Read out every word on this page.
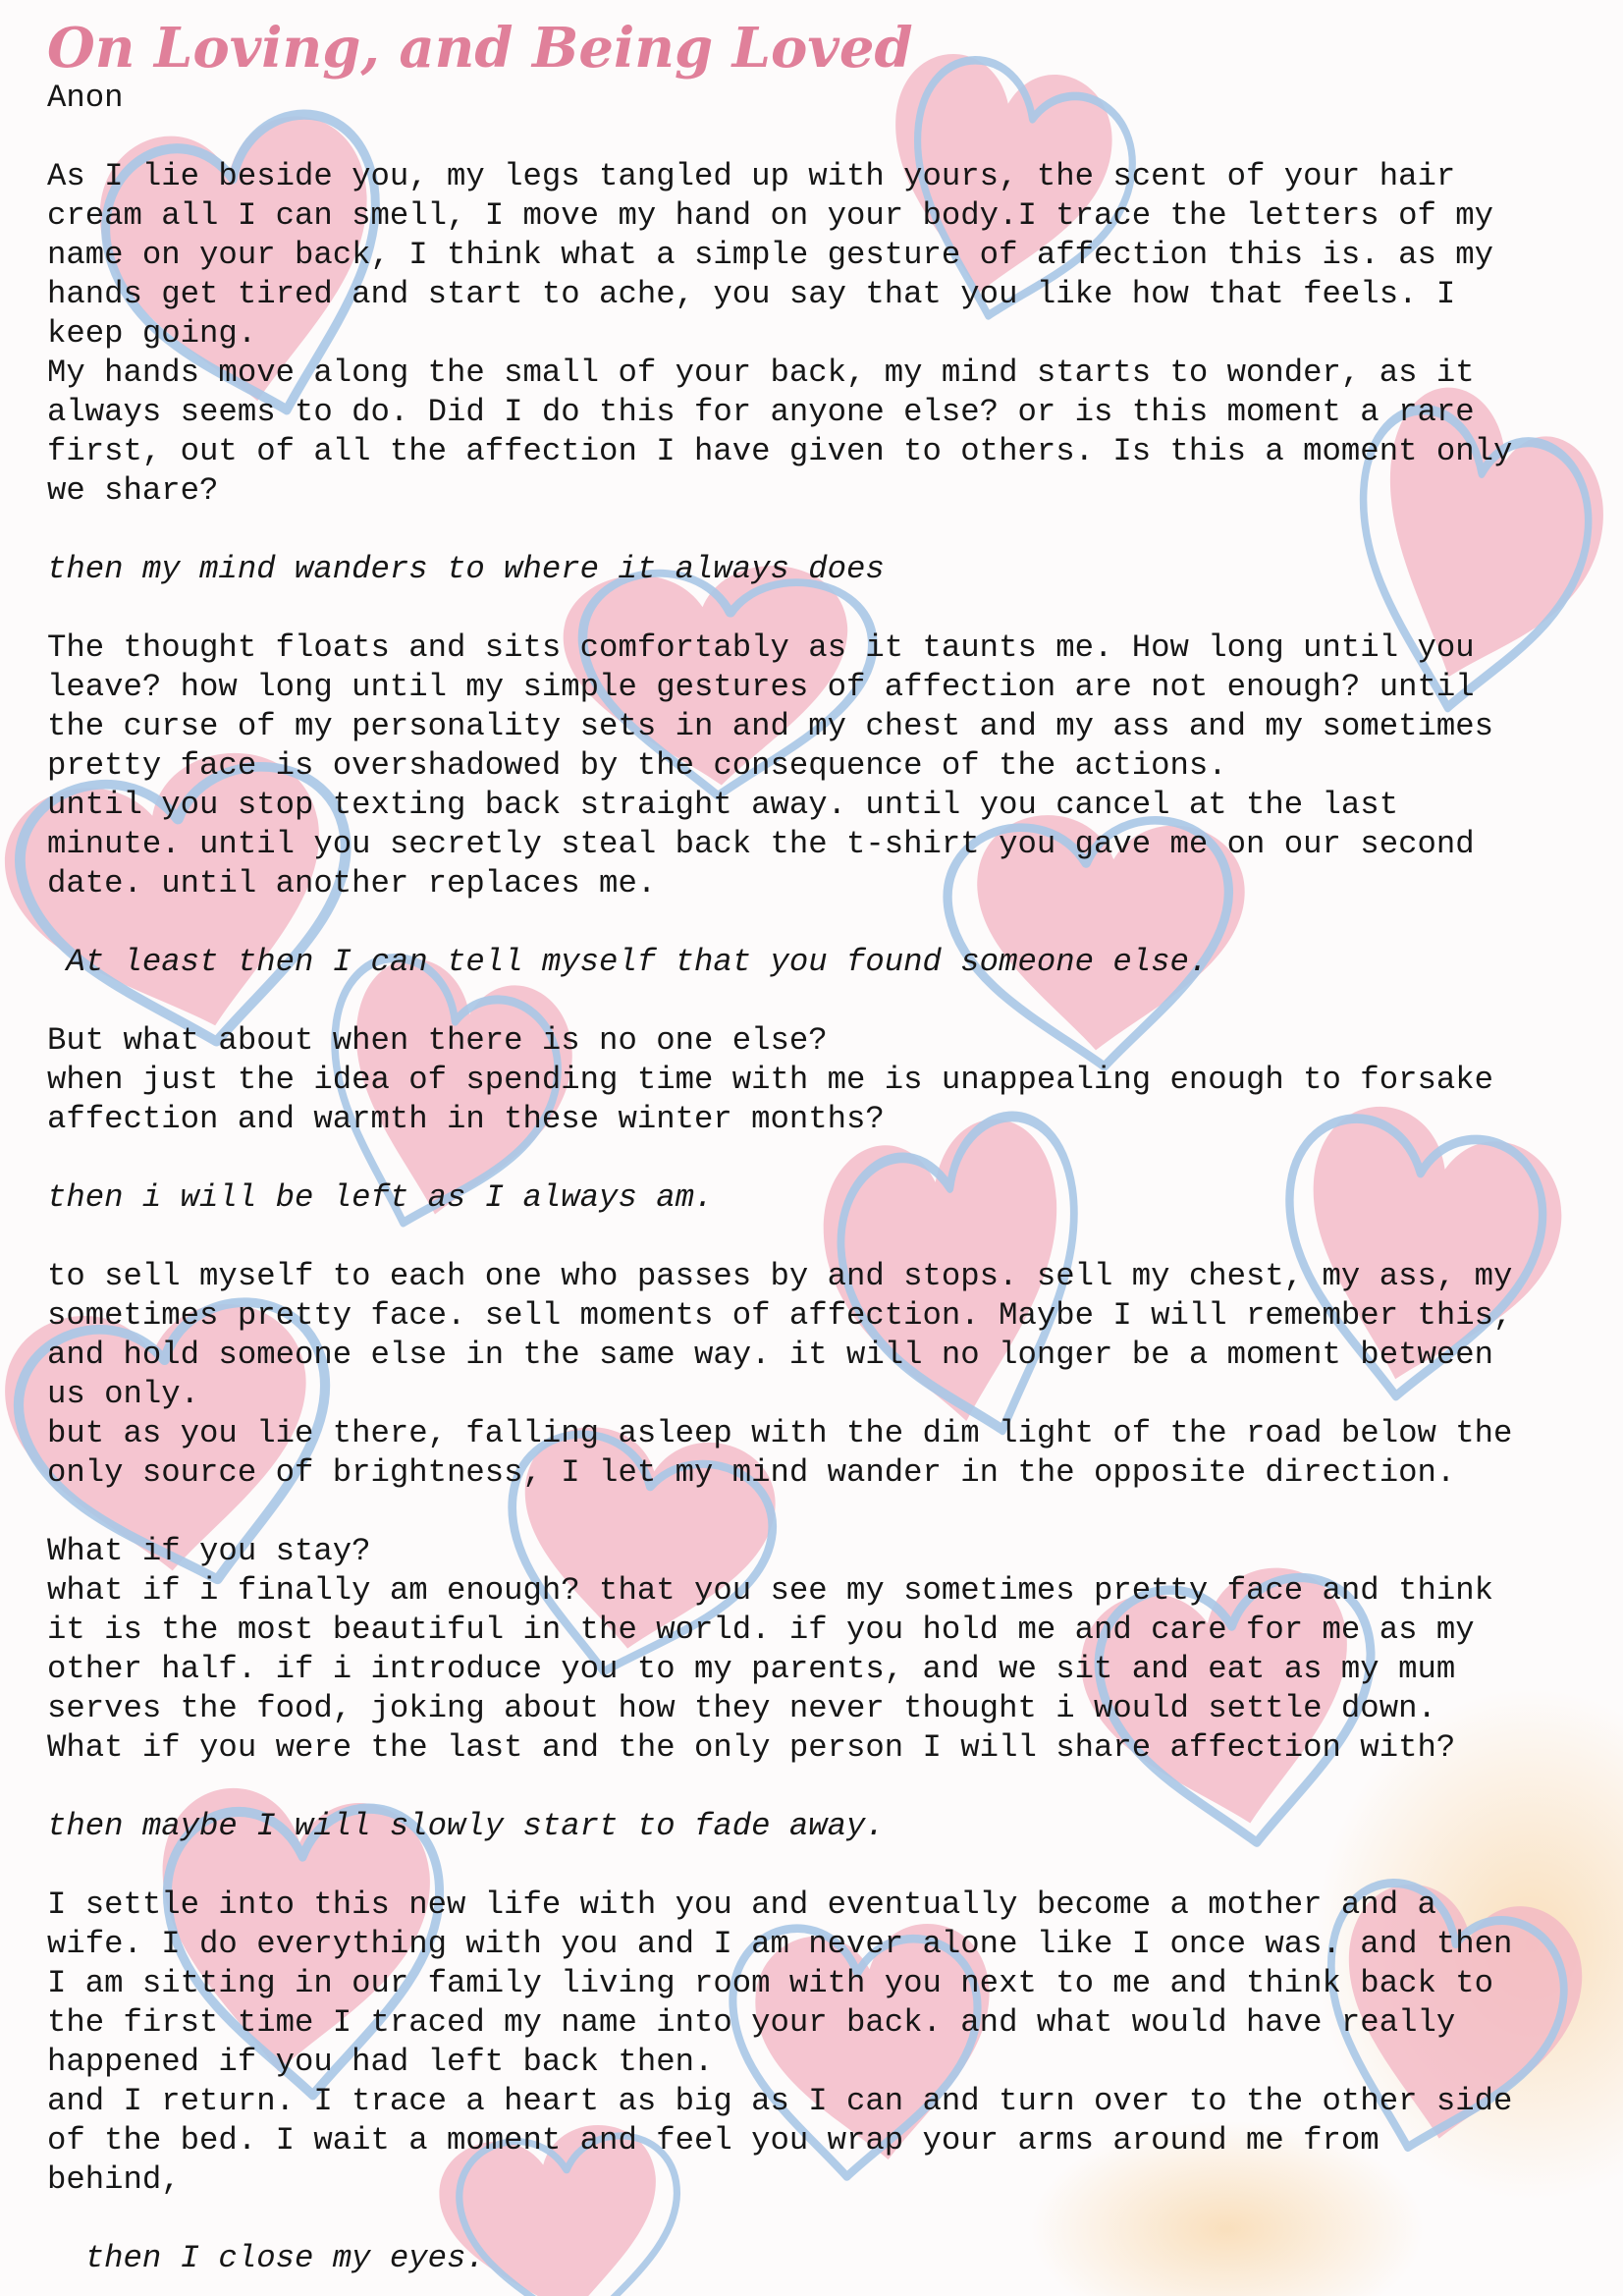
On Loving, and Being Loved
Anon
As I lie beside you, my legs tangled up with yours, the scent of your hair
cream all I can smell, I move my hand on your body.I trace the letters of my
name on your back, I think what a simple gesture of affection this is. as my
hands get tired and start to ache, you say that you like how that feels. I
keep going.
My hands move along the small of your back, my mind starts to wonder, as it
always seems to do. Did I do this for anyone else? or is this moment a rare
first, out of all the affection I have given to others. Is this a moment only
we share?
then my mind wanders to where it always does
The thought floats and sits comfortably as it taunts me. How long until you
leave? how long until my simple gestures of affection are not enough? until
the curse of my personality sets in and my chest and my ass and my sometimes
pretty face is overshadowed by the consequence of the actions.
until you stop texting back straight away. until you cancel at the last
minute. until you secretly steal back the t-shirt you gave me on our second
date. until another replaces me.
At least then I can tell myself that you found someone else.
But what about when there is no one else?
when just the idea of spending time with me is unappealing enough to forsake
affection and warmth in these winter months?
then i will be left as I always am.
to sell myself to each one who passes by and stops. sell my chest, my ass, my
sometimes pretty face. sell moments of affection. Maybe I will remember this,
and hold someone else in the same way. it will no longer be a moment between
us only.
but as you lie there, falling asleep with the dim light of the road below the
only source of brightness, I let my mind wander in the opposite direction.
What if you stay?
what if i finally am enough? that you see my sometimes pretty face and think
it is the most beautiful in the world. if you hold me and care for me as my
other half. if i introduce you to my parents, and we sit and eat as my mum
serves the food, joking about how they never thought i would settle down.
What if you were the last and the only person I will share affection with?
then maybe I will slowly start to fade away.
I settle into this new life with you and eventually become a mother and a
wife. I do everything with you and I am never alone like I once was. and then
I am sitting in our family living room with you next to me and think back to
the first time I traced my name into your back. and what would have really
happened if you had left back then.
and I return. I trace a heart as big as I can and turn over to the other side
of the bed. I wait a moment and feel you wrap your arms around me from
behind,
then I close my eyes.
